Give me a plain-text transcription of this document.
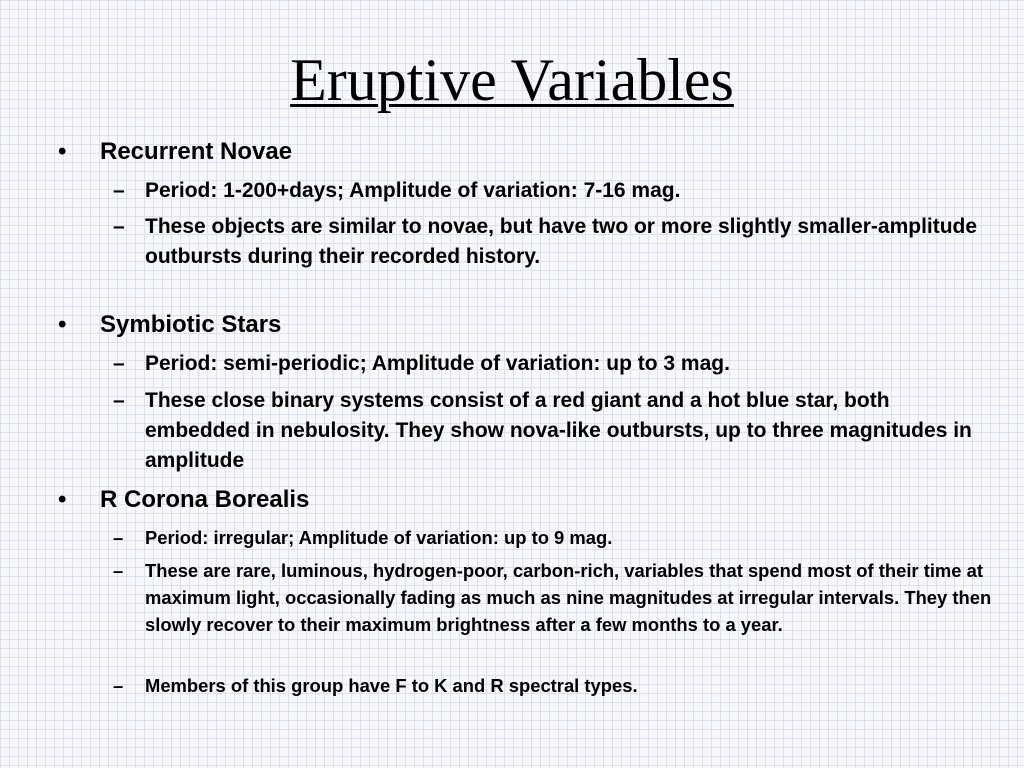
Eruptive Variables
•	Recurrent Novae
– Period: 1-200+days; Amplitude of variation: 7-16 mag.
– These objects are similar to novae, but have two or more slightly smaller-amplitude outbursts during their recorded history.
•	Symbiotic Stars
– Period: semi-periodic; Amplitude of variation: up to 3 mag.
– These close binary systems consist of a red giant and a hot blue star, both embedded in nebulosity. They show nova-like outbursts, up to three magnitudes in amplitude
•	R Corona Borealis
– Period: irregular; Amplitude of variation: up to 9 mag.
– These are rare, luminous, hydrogen-poor, carbon-rich, variables that spend most of their time at maximum light, occasionally fading as much as nine magnitudes at irregular intervals. They then slowly recover to their maximum brightness after a few months to a year.
– Members of this group have F to K and R spectral types.
